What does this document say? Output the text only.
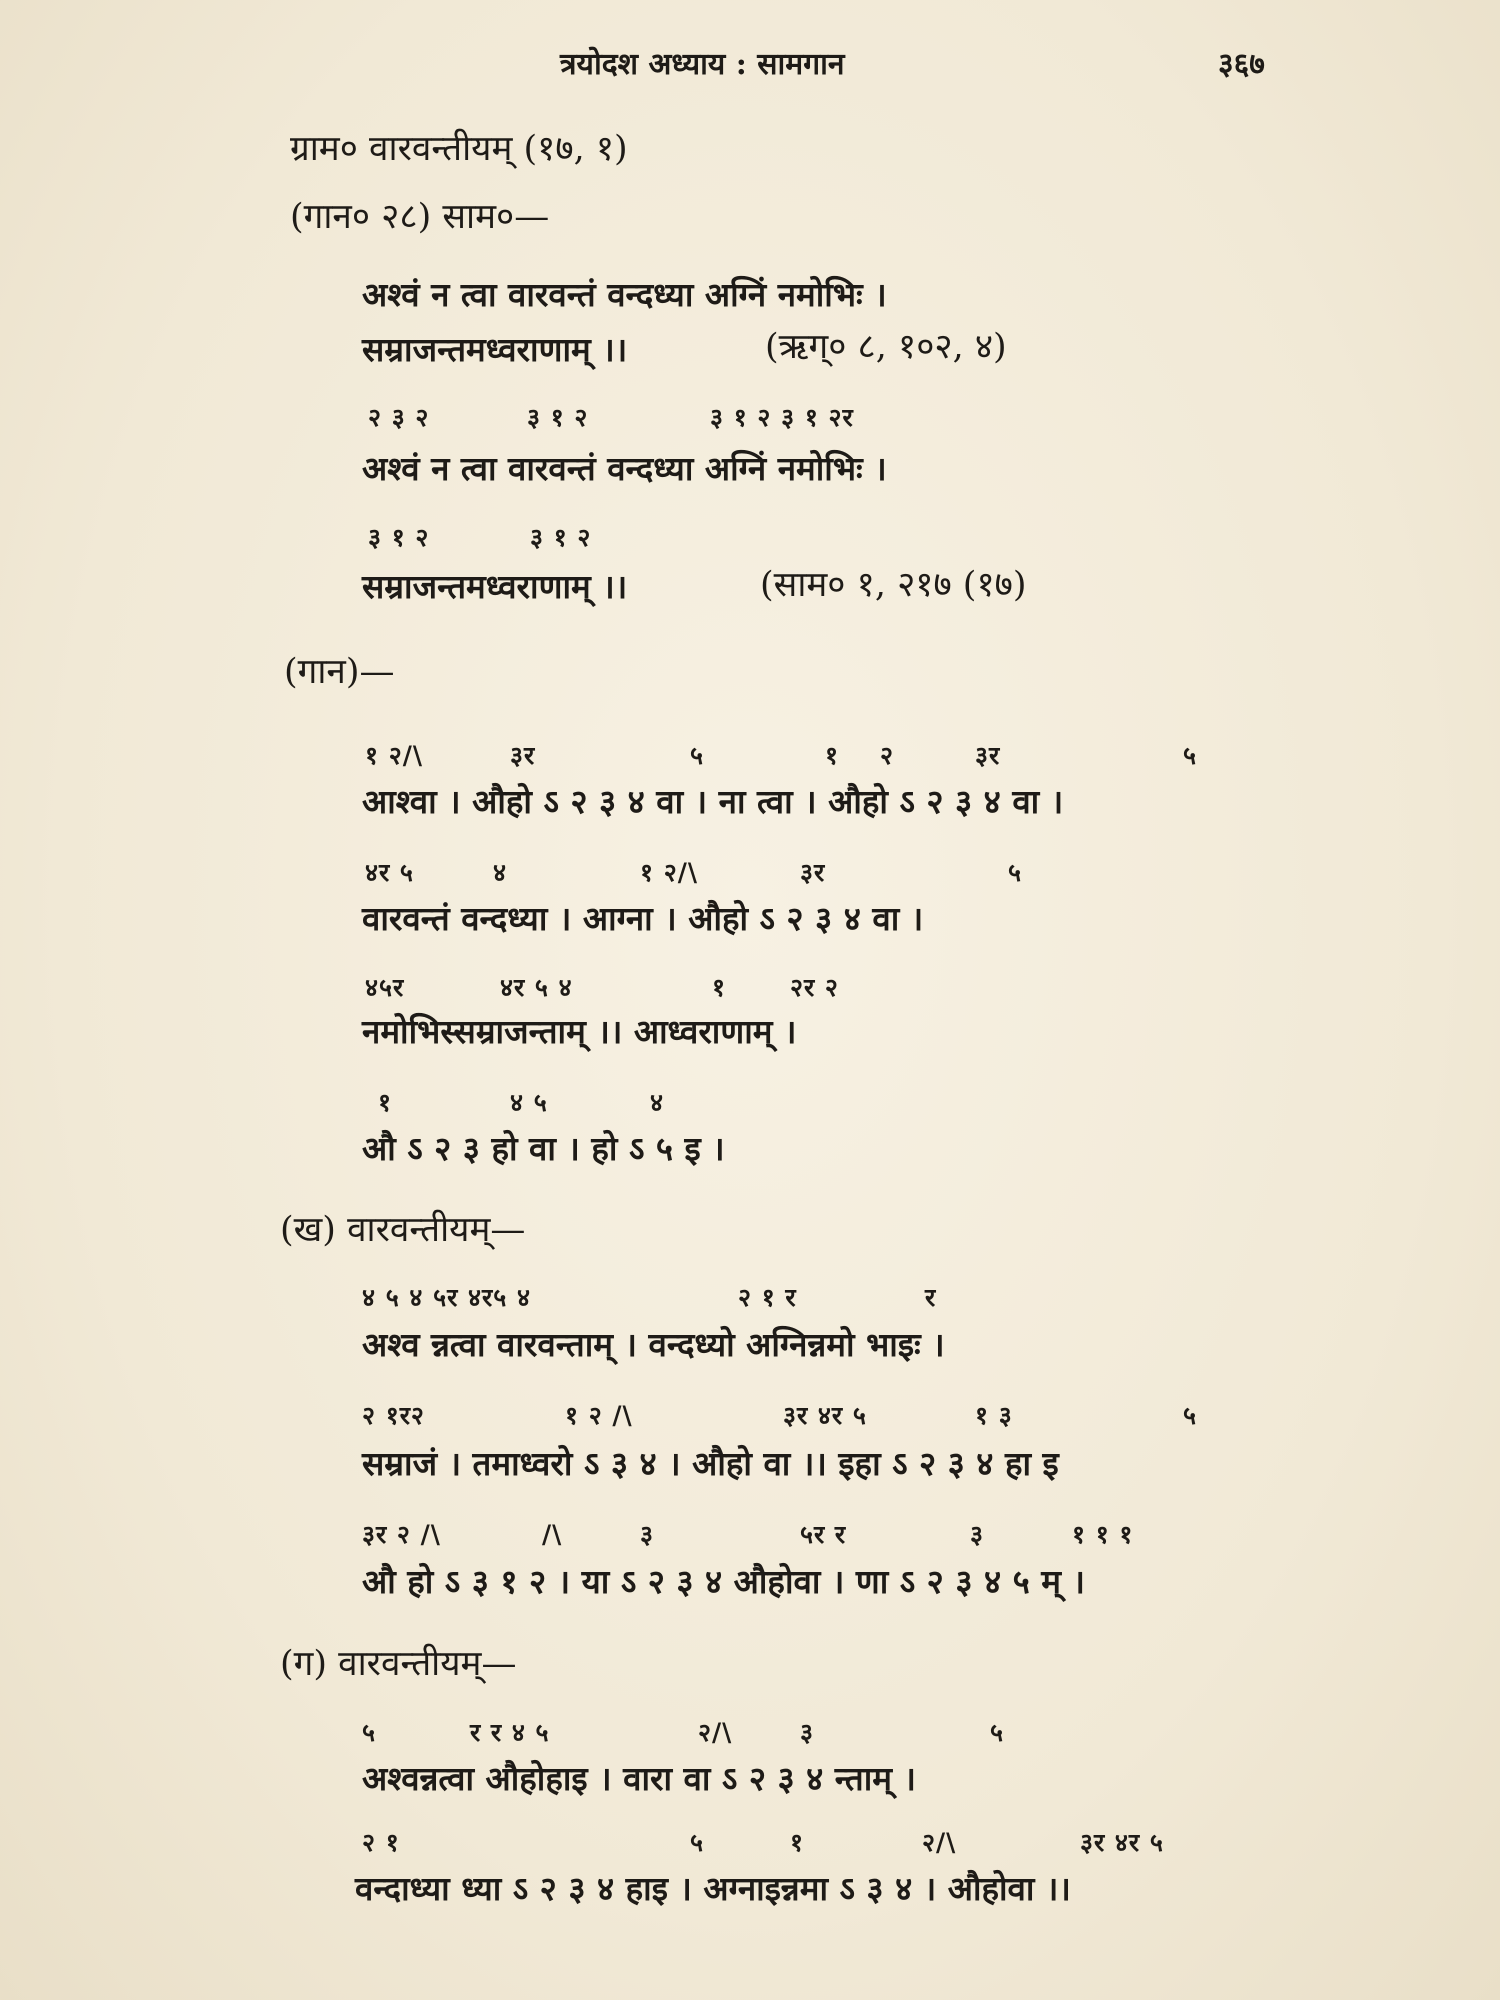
त्रयोदश अध्याय : सामगान	३६७
ग्राम० वारवन्तीयम् (१७, १)
(गान० २८) साम०—
अश्वं न त्वा वारवन्तं वन्दध्या अग्निं नमोभिः ।
सम्राजन्तमध्वराणाम् ।।	(ऋग्० ८, १०२, ४)
२ ३ २	३ १ २	३ १ २ ३ १ २र
अश्वं न त्वा वारवन्तं वन्दध्या अग्निं नमोभिः ।
३ १ २	३ १ २
सम्राजन्तमध्वराणाम् ।।	(साम० १, २१७ (१७)
(गान)—
१ २/\	३र	५	१ २	३र	५
आश्वा । औहो ऽ २ ३ ४ वा । ना त्वा । औहो ऽ २ ३ ४ वा ।
४र ५	४	१ २/\	३र	५
वारवन्तं वन्दध्या । आग्ना । औहो ऽ २ ३ ४ वा ।
४५र	४र ५ ४	१	२र २
नमोभिस्सम्राजन्ताम् ।। आध्वराणाम् ।
१	४ ५	४
औ ऽ २ ३ हो वा । हो ऽ ५ इ ।
(ख) वारवन्तीयम्—
४ ५ ४ ५र ४र५ ४	२ १ र	र
अश्व न्नत्वा वारवन्ताम् । वन्दध्यो अग्निन्नमो भाइः ।
२ १र२	१ २ /\	३र ४र ५	१ ३	५
सम्राजं । तमाध्वरो ऽ ३ ४ । औहो वा ।। इहा ऽ २ ३ ४ हा इ
३र २ /\	/\	३	५र र	३	१ १ १
औ हो ऽ ३ १ २ । या ऽ २ ३ ४ औहोवा । णा ऽ २ ३ ४ ५ म् ।
(ग) वारवन्तीयम्—
५	र र ४ ५	२/\	३	५
अश्वन्नत्वा औहोहाइ । वारा वा ऽ २ ३ ४ न्ताम् ।
२ १	५	१	२/\	३र ४र ५
वन्दाध्या ध्या ऽ २ ३ ४ हाइ । अग्नाइन्नमा ऽ ३ ४ । औहोवा ।।
